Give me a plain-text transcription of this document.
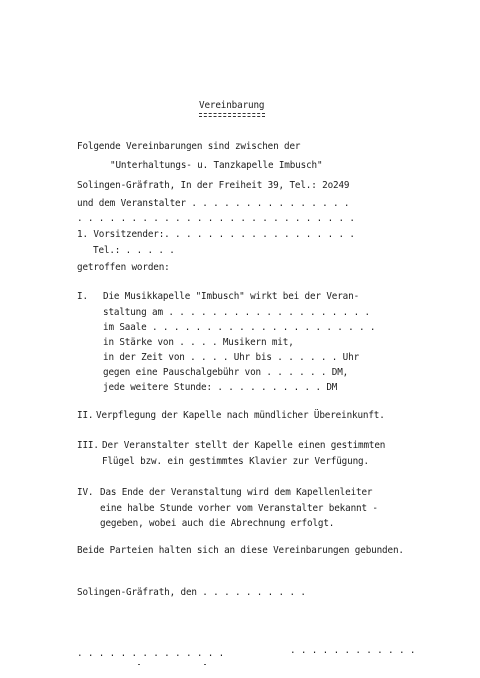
Vereinbarung
Folgende Vereinbarungen sind zwischen der
"Unterhaltungs- u. Tanzkapelle Imbusch"
Solingen-Gräfrath, In der Freiheit 39, Tel.: 2o249
und dem Veranstalter . . . . . . . . . . . . . . .
. . . . . . . . . . . . . . . . . . . . . . . . . .
1. Vorsitzender:. . . . . . . . . . . . . . . . . .
Tel.: . . . . .
getroffen worden:
I. Die Musikkapelle "Imbusch" wirkt bei der Veran-
staltung am . . . . . . . . . . . . . . . . . . .
im Saale . . . . . . . . . . . . . . . . . . . . .
in Stärke von . . . . Musikern mit,
in der Zeit von . . . . Uhr bis . . . . . . Uhr
gegen eine Pauschalgebühr von . . . . . . DM,
jede weitere Stunde: . . . . . . . . . . DM
II. Verpflegung der Kapelle nach mündlicher Übereinkunft.
III. Der Veranstalter stellt der Kapelle einen gestimmten
Flügel bzw. ein gestimmtes Klavier zur Verfügung.
IV. Das Ende der Veranstaltung wird dem Kapellenleiter
eine halbe Stunde vorher vom Veranstalter bekannt -
gegeben, wobei auch die Abrechnung erfolgt.
Beide Parteien halten sich an diese Vereinbarungen gebunden.
Solingen-Gräfrath, den . . . . . . . . . .
. . . . . . . . . . . . . .	. . . . . . . . . . . .
